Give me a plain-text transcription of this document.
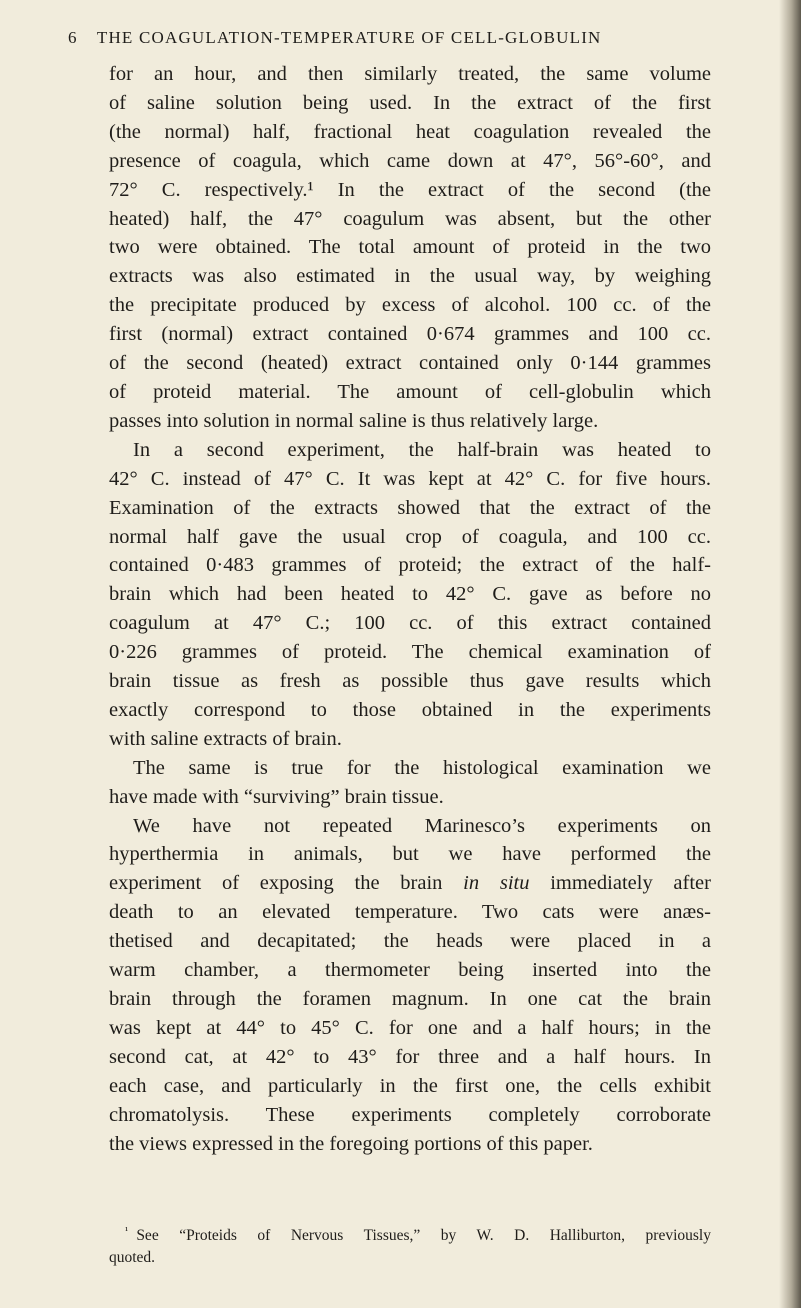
6 THE COAGULATION-TEMPERATURE OF CELL-GLOBULIN

for an hour, and then similarly treated, the same volume
of saline solution being used. In the extract of the first
(the normal) half, fractional heat coagulation revealed the
presence of coagula, which came down at 47°, 56°-60°, and
72° C. respectively.¹ In the extract of the second (the
heated) half, the 47° coagulum was absent, but the other
two were obtained. The total amount of proteid in the two
extracts was also estimated in the usual way, by weighing
the precipitate produced by excess of alcohol. 100 cc. of the
first (normal) extract contained 0·674 grammes and 100 cc.
of the second (heated) extract contained only 0·144 grammes
of proteid material. The amount of cell-globulin which
passes into solution in normal saline is thus relatively large.

In a second experiment, the half-brain was heated to
42° C. instead of 47° C. It was kept at 42° C. for five hours.
Examination of the extracts showed that the extract of the
normal half gave the usual crop of coagula, and 100 cc.
contained 0·483 grammes of proteid; the extract of the half-
brain which had been heated to 42° C. gave as before no
coagulum at 47° C.; 100 cc. of this extract contained
0·226 grammes of proteid. The chemical examination of
brain tissue as fresh as possible thus gave results which
exactly correspond to those obtained in the experiments
with saline extracts of brain.

The same is true for the histological examination we
have made with “surviving” brain tissue.

We have not repeated Marinesco’s experiments on
hyperthermia in animals, but we have performed the
experiment of exposing the brain in situ immediately after
death to an elevated temperature. Two cats were anæs-
thetised and decapitated; the heads were placed in a
warm chamber, a thermometer being inserted into the
brain through the foramen magnum. In one cat the brain
was kept at 44° to 45° C. for one and a half hours; in the
second cat, at 42° to 43° for three and a half hours. In
each case, and particularly in the first one, the cells exhibit
chromatolysis. These experiments completely corroborate
the views expressed in the foregoing portions of this paper.

$^{^1}$ See “Proteids of Nervous Tissues,” by W. D. Halliburton, previously
quoted.
